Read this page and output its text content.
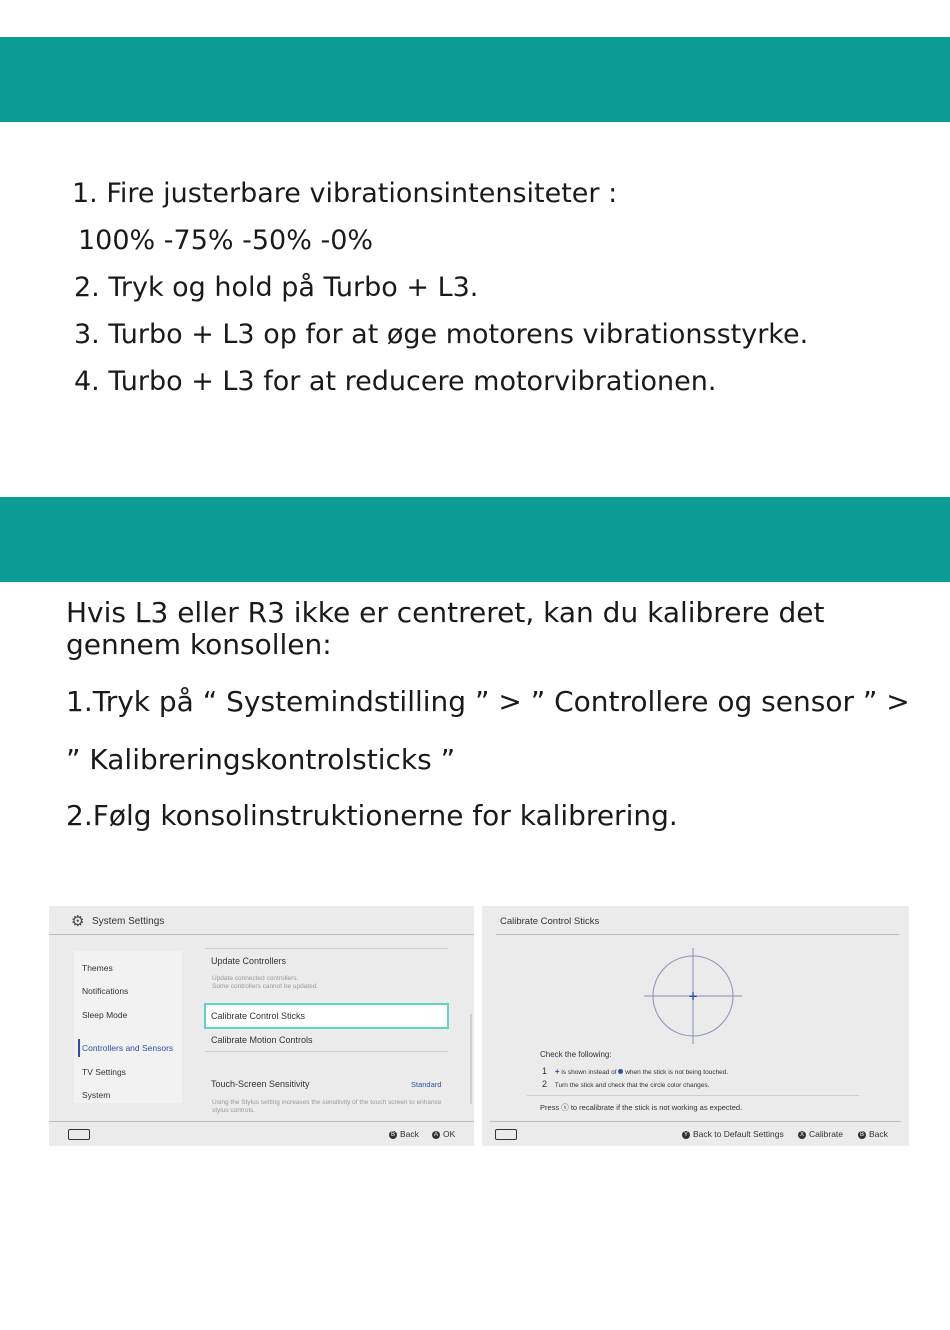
1. Fire justerbare vibrationsintensiteter :
100% -75% -50% -0%
2. Tryk og hold på Turbo + L3.
3. Turbo + L3 op for at øge motorens vibrationsstyrke.
4. Turbo + L3 for at reducere motorvibrationen.

Hvis L3 eller R3 ikke er centreret, kan du kalibrere det gennem konsollen:

1.Tryk på “ Systemindstilling ” > ” Controllere og sensor ” >
” Kalibreringskontrolsticks ”
2.Følg konsolinstruktionerne for kalibrering.
⚙ System Settings
Themes
Notifications
Sleep Mode
Controllers and Sensors
TV Settings
System
Update Controllers
Update connected controllers.
Some controllers cannot be updated.
Calibrate Control Sticks
Calibrate Motion Controls
Touch-Screen Sensitivity	Standard
Using the Stylus setting increases the sensitivity of the touch screen to enhance
stylus controls.
B Back	A OK
Calibrate Control Sticks
+
Check the following:
1 + is shown instead of when the stick is not being touched.
2 Turn the stick and check that the circle color changes.
Press ⓧ to recalibrate if the stick is not working as expected.
Y Back to Default Settings	X Calibrate	B Back
